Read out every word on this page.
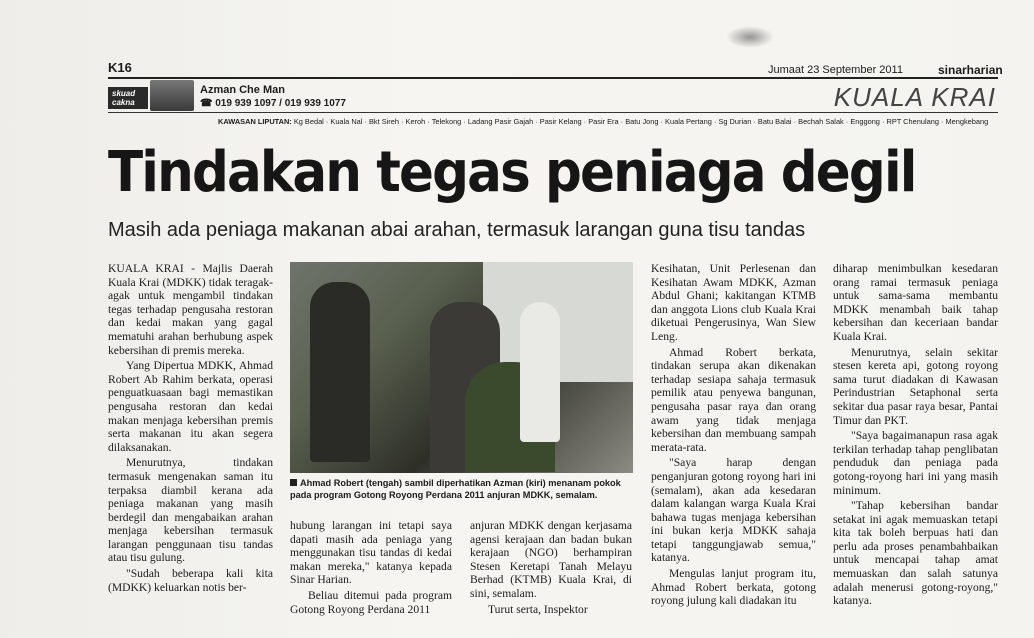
K16	Jumaat 23 September 2011	sinarharian
skuad cakna
Azman Che Man
☎ 019 939 1097 / 019 939 1077	KUALA KRAI
KAWASAN LIPUTAN: Kg Bedal · Kuala Nal · Bkt Sireh · Keroh · Telekong · Ladang Pasir Gajah · Pasir Kelang · Pasir Era · Batu Jong · Kuala Pertang · Sg Durian · Batu Balai · Bechah Salak · Enggong · RPT Chenulang · Mengkebang
Tindakan tegas peniaga degil
Masih ada peniaga makanan abai arahan, termasuk larangan guna tisu tandas

KUALA KRAI - Majlis Daerah Kuala Krai (MDKK) tidak teragak-agak untuk mengambil tindakan tegas terhadap pengusaha restoran dan kedai makan yang gagal mematuhi arahan berhubung aspek kebersihan di premis mereka.

Yang Dipertua MDKK, Ahmad Robert Ab Rahim berkata, operasi penguatkuasaan bagi memastikan pengusaha restoran dan kedai makan menjaga kebersihan premis serta makanan itu akan segera dilaksanakan.

Menurutnya, tindakan termasuk mengenakan saman itu terpaksa diambil kerana ada peniaga makanan yang masih berdegil dan mengabaikan arahan menjaga kebersihan termasuk larangan penggunaan tisu tandas atau tisu gulung.

"Sudah beberapa kali kita (MDKK) keluarkan notis ber-

Ahmad Robert (tengah) sambil diperhatikan Azman (kiri) menanam pokok pada program Gotong Royong Perdana 2011 anjuran MDKK, semalam.

hubung larangan ini tetapi saya dapati masih ada peniaga yang menggunakan tisu tandas di kedai makan mereka," katanya kepada Sinar Harian.

Beliau ditemui pada program Gotong Royong Perdana 2011

anjuran MDKK dengan kerjasama agensi kerajaan dan badan bukan kerajaan (NGO) berhampiran Stesen Keretapi Tanah Melayu Berhad (KTMB) Kuala Krai, di sini, semalam.

Turut serta, Inspektor

Kesihatan, Unit Perlesenan dan Kesihatan Awam MDKK, Azman Abdul Ghani; kakitangan KTMB dan anggota Lions club Kuala Krai diketuai Pengerusinya, Wan Siew Leng.

Ahmad Robert berkata, tindakan serupa akan dikenakan terhadap sesiapa sahaja termasuk pemilik atau penyewa bangunan, pengusaha pasar raya dan orang awam yang tidak menjaga kebersihan dan membuang sampah merata-rata.

"Saya harap dengan penganjuran gotong royong hari ini (semalam), akan ada kesedaran dalam kalangan warga Kuala Krai bahawa tugas menjaga kebersihan ini bukan kerja MDKK sahaja tetapi tanggungjawab semua," katanya.

Mengulas lanjut program itu, Ahmad Robert berkata, gotong royong julung kali diadakan itu

diharap menimbulkan kesedaran orang ramai termasuk peniaga untuk sama-sama membantu MDKK menambah baik tahap kebersihan dan keceriaan bandar Kuala Krai.

Menurutnya, selain sekitar stesen kereta api, gotong royong sama turut diadakan di Kawasan Perindustrian Setaphonal serta sekitar dua pasar raya besar, Pantai Timur dan PKT.

"Saya bagaimanapun rasa agak terkilan terhadap tahap penglibatan penduduk dan peniaga pada gotong-royong hari ini yang masih minimum.

"Tahap kebersihan bandar setakat ini agak memuaskan tetapi kita tak boleh berpuas hati dan perlu ada proses penambahbaikan untuk mencapai tahap amat memuaskan dan salah satunya adalah menerusi gotong-royong," katanya.
